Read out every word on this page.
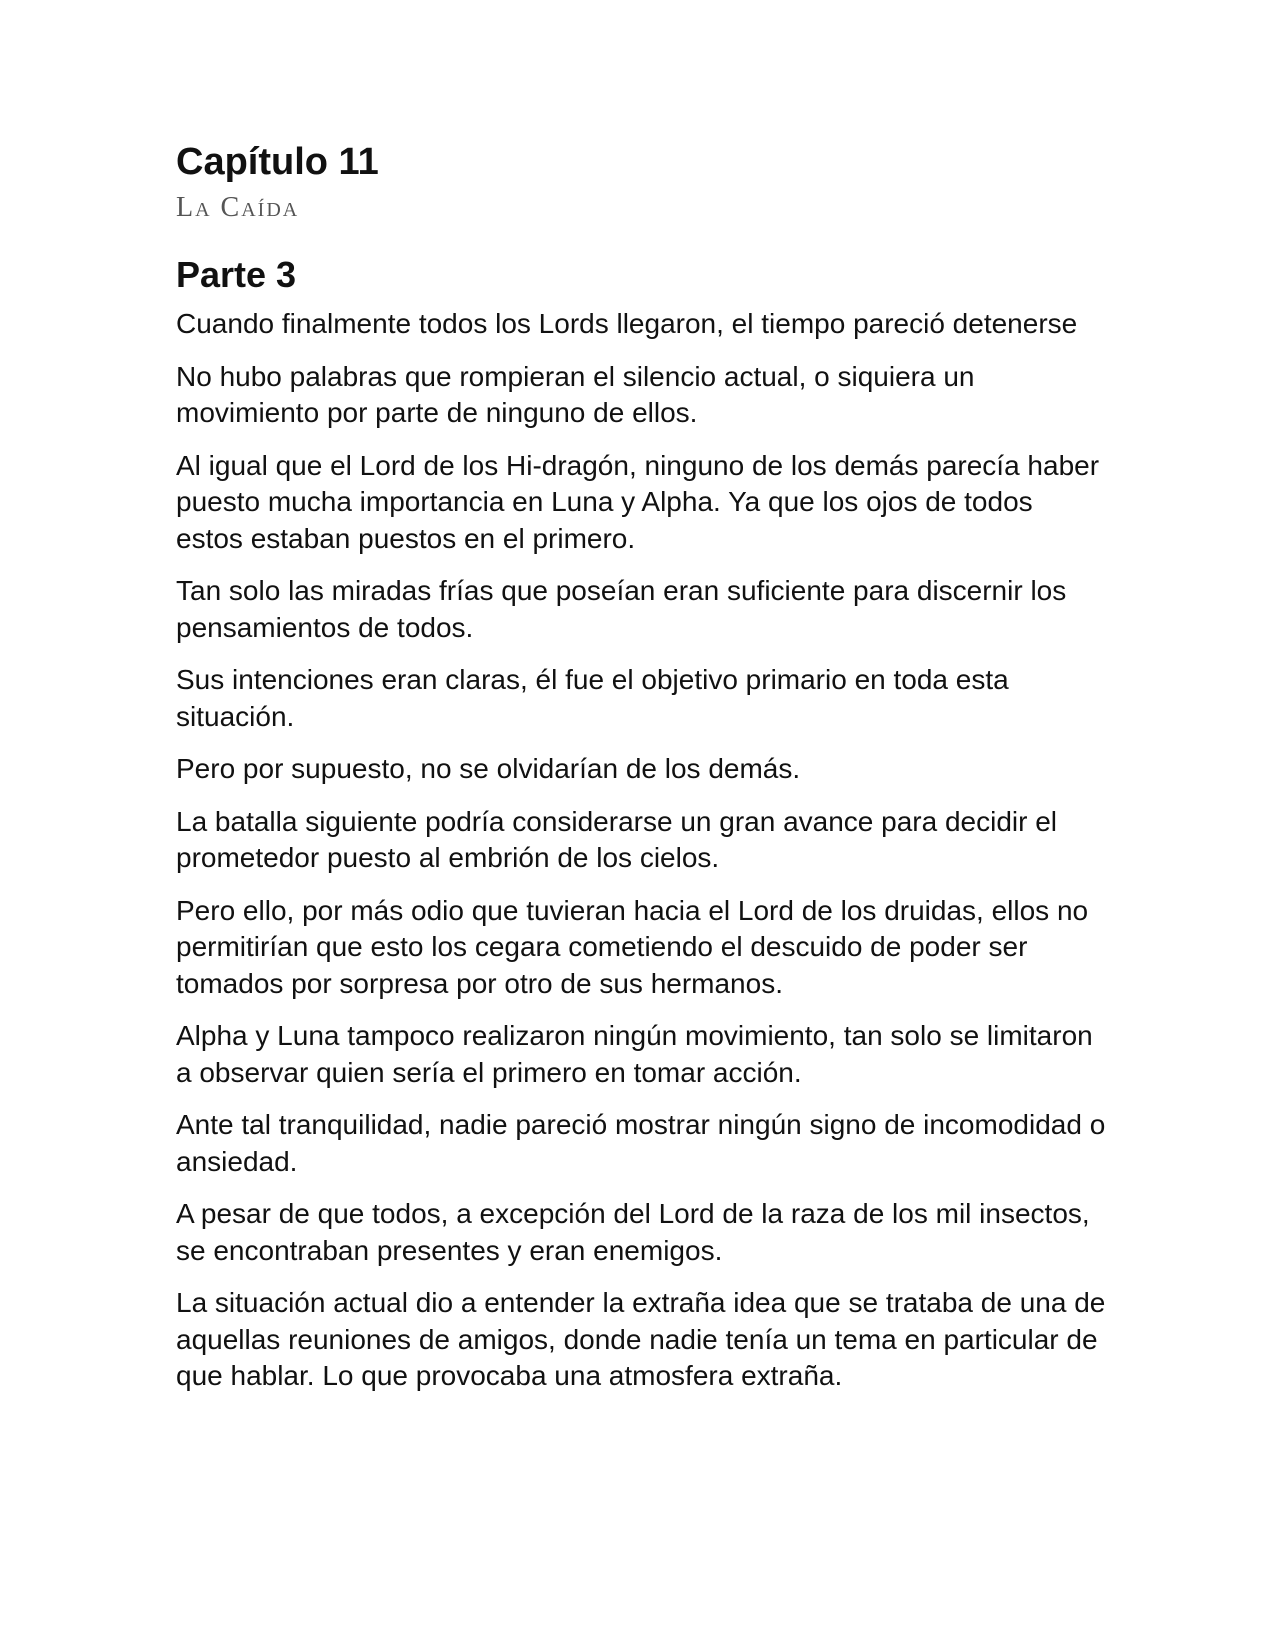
Capítulo 11
La Caída
Parte 3

Cuando finalmente todos los Lords llegaron, el tiempo pareció detenerse

No hubo palabras que rompieran el silencio actual, o siquiera un movimiento por parte de ninguno de ellos.

Al igual que el Lord de los Hi-dragón, ninguno de los demás parecía haber puesto mucha importancia en Luna y Alpha. Ya que los ojos de todos estos estaban puestos en el primero.

Tan solo las miradas frías que poseían eran suficiente para discernir los pensamientos de todos.

Sus intenciones eran claras, él fue el objetivo primario en toda esta situación.

Pero por supuesto, no se olvidarían de los demás.

La batalla siguiente podría considerarse un gran avance para decidir el prometedor puesto al embrión de los cielos.

Pero ello, por más odio que tuvieran hacia el Lord de los druidas, ellos no permitirían que esto los cegara cometiendo el descuido de poder ser tomados por sorpresa por otro de sus hermanos.

Alpha y Luna tampoco realizaron ningún movimiento, tan solo se limitaron a observar quien sería el primero en tomar acción.

Ante tal tranquilidad, nadie pareció mostrar ningún signo de incomodidad o ansiedad.

A pesar de que todos, a excepción del Lord de la raza de los mil insectos, se encontraban presentes y eran enemigos.

La situación actual dio a entender la extraña idea que se trataba de una de aquellas reuniones de amigos, donde nadie tenía un tema en particular de que hablar. Lo que provocaba una atmosfera extraña.
